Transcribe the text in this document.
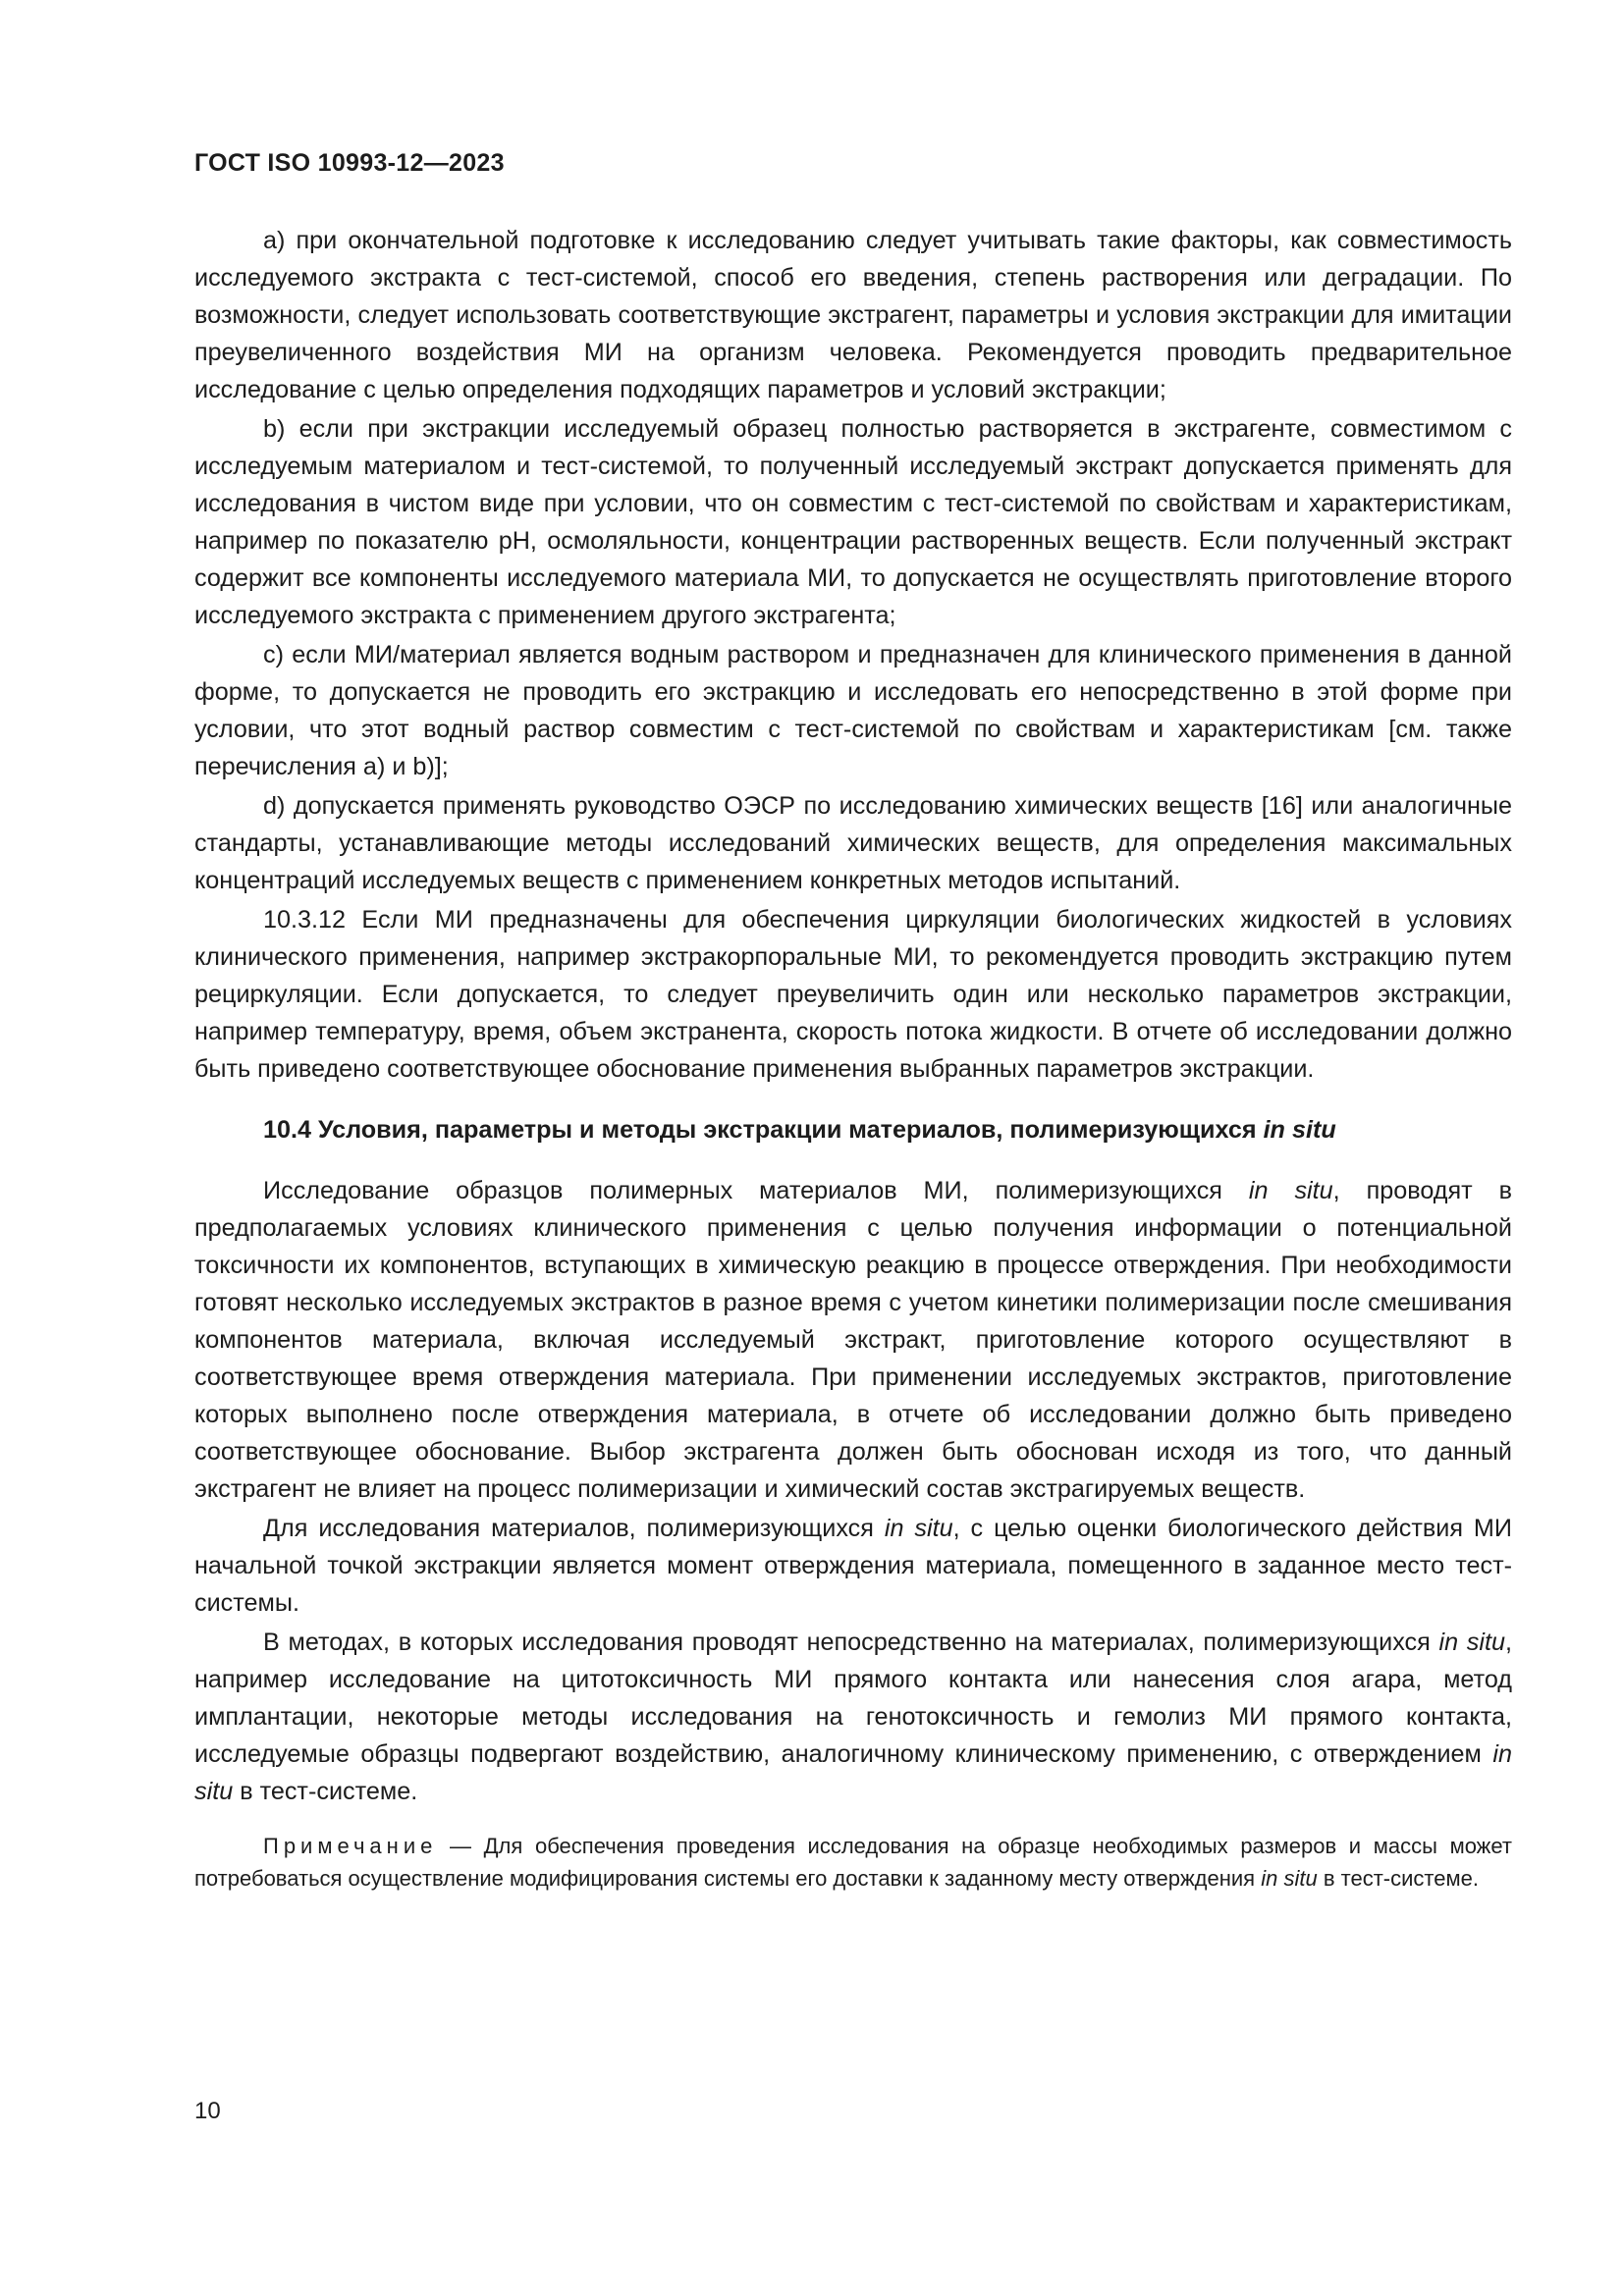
ГОСТ ISO 10993-12—2023

a) при окончательной подготовке к исследованию следует учитывать такие факторы, как совместимость исследуемого экстракта с тест-системой, способ его введения, степень растворения или деградации. По возможности, следует использовать соответствующие экстрагент, параметры и условия экстракции для имитации преувеличенного воздействия МИ на организм человека. Рекомендуется проводить предварительное исследование с целью определения подходящих параметров и условий экстракции;

b) если при экстракции исследуемый образец полностью растворяется в экстрагенте, совместимом с исследуемым материалом и тест-системой, то полученный исследуемый экстракт допускается применять для исследования в чистом виде при условии, что он совместим с тест-системой по свойствам и характеристикам, например по показателю рН, осмоляльности, концентрации растворенных веществ. Если полученный экстракт содержит все компоненты исследуемого материала МИ, то допускается не осуществлять приготовление второго исследуемого экстракта с применением другого экстрагента;

c) если МИ/материал является водным раствором и предназначен для клинического применения в данной форме, то допускается не проводить его экстракцию и исследовать его непосредственно в этой форме при условии, что этот водный раствор совместим с тест-системой по свойствам и характеристикам [см. также перечисления a) и b)];

d) допускается применять руководство ОЭСР по исследованию химических веществ [16] или аналогичные стандарты, устанавливающие методы исследований химических веществ, для определения максимальных концентраций исследуемых веществ с применением конкретных методов испытаний.

10.3.12 Если МИ предназначены для обеспечения циркуляции биологических жидкостей в условиях клинического применения, например экстракорпоральные МИ, то рекомендуется проводить экстракцию путем рециркуляции. Если допускается, то следует преувеличить один или несколько параметров экстракции, например температуру, время, объем экстранента, скорость потока жидкости. В отчете об исследовании должно быть приведено соответствующее обоснование применения выбранных параметров экстракции.

10.4 Условия, параметры и методы экстракции материалов, полимеризующихся in situ

Исследование образцов полимерных материалов МИ, полимеризующихся in situ, проводят в предполагаемых условиях клинического применения с целью получения информации о потенциальной токсичности их компонентов, вступающих в химическую реакцию в процессе отверждения. При необходимости готовят несколько исследуемых экстрактов в разное время с учетом кинетики полимеризации после смешивания компонентов материала, включая исследуемый экстракт, приготовление которого осуществляют в соответствующее время отверждения материала. При применении исследуемых экстрактов, приготовление которых выполнено после отверждения материала, в отчете об исследовании должно быть приведено соответствующее обоснование. Выбор экстрагента должен быть обоснован исходя из того, что данный экстрагент не влияет на процесс полимеризации и химический состав экстрагируемых веществ.

Для исследования материалов, полимеризующихся in situ, с целью оценки биологического действия МИ начальной точкой экстракции является момент отверждения материала, помещенного в заданное место тест-системы.

В методах, в которых исследования проводят непосредственно на материалах, полимеризующихся in situ, например исследование на цитотоксичность МИ прямого контакта или нанесения слоя агара, метод имплантации, некоторые методы исследования на генотоксичность и гемолиз МИ прямого контакта, исследуемые образцы подвергают воздействию, аналогичному клиническому применению, с отверждением in situ в тест-системе.

Примечание — Для обеспечения проведения исследования на образце необходимых размеров и массы может потребоваться осуществление модифицирования системы его доставки к заданному месту отверждения in situ в тест-системе.

10
